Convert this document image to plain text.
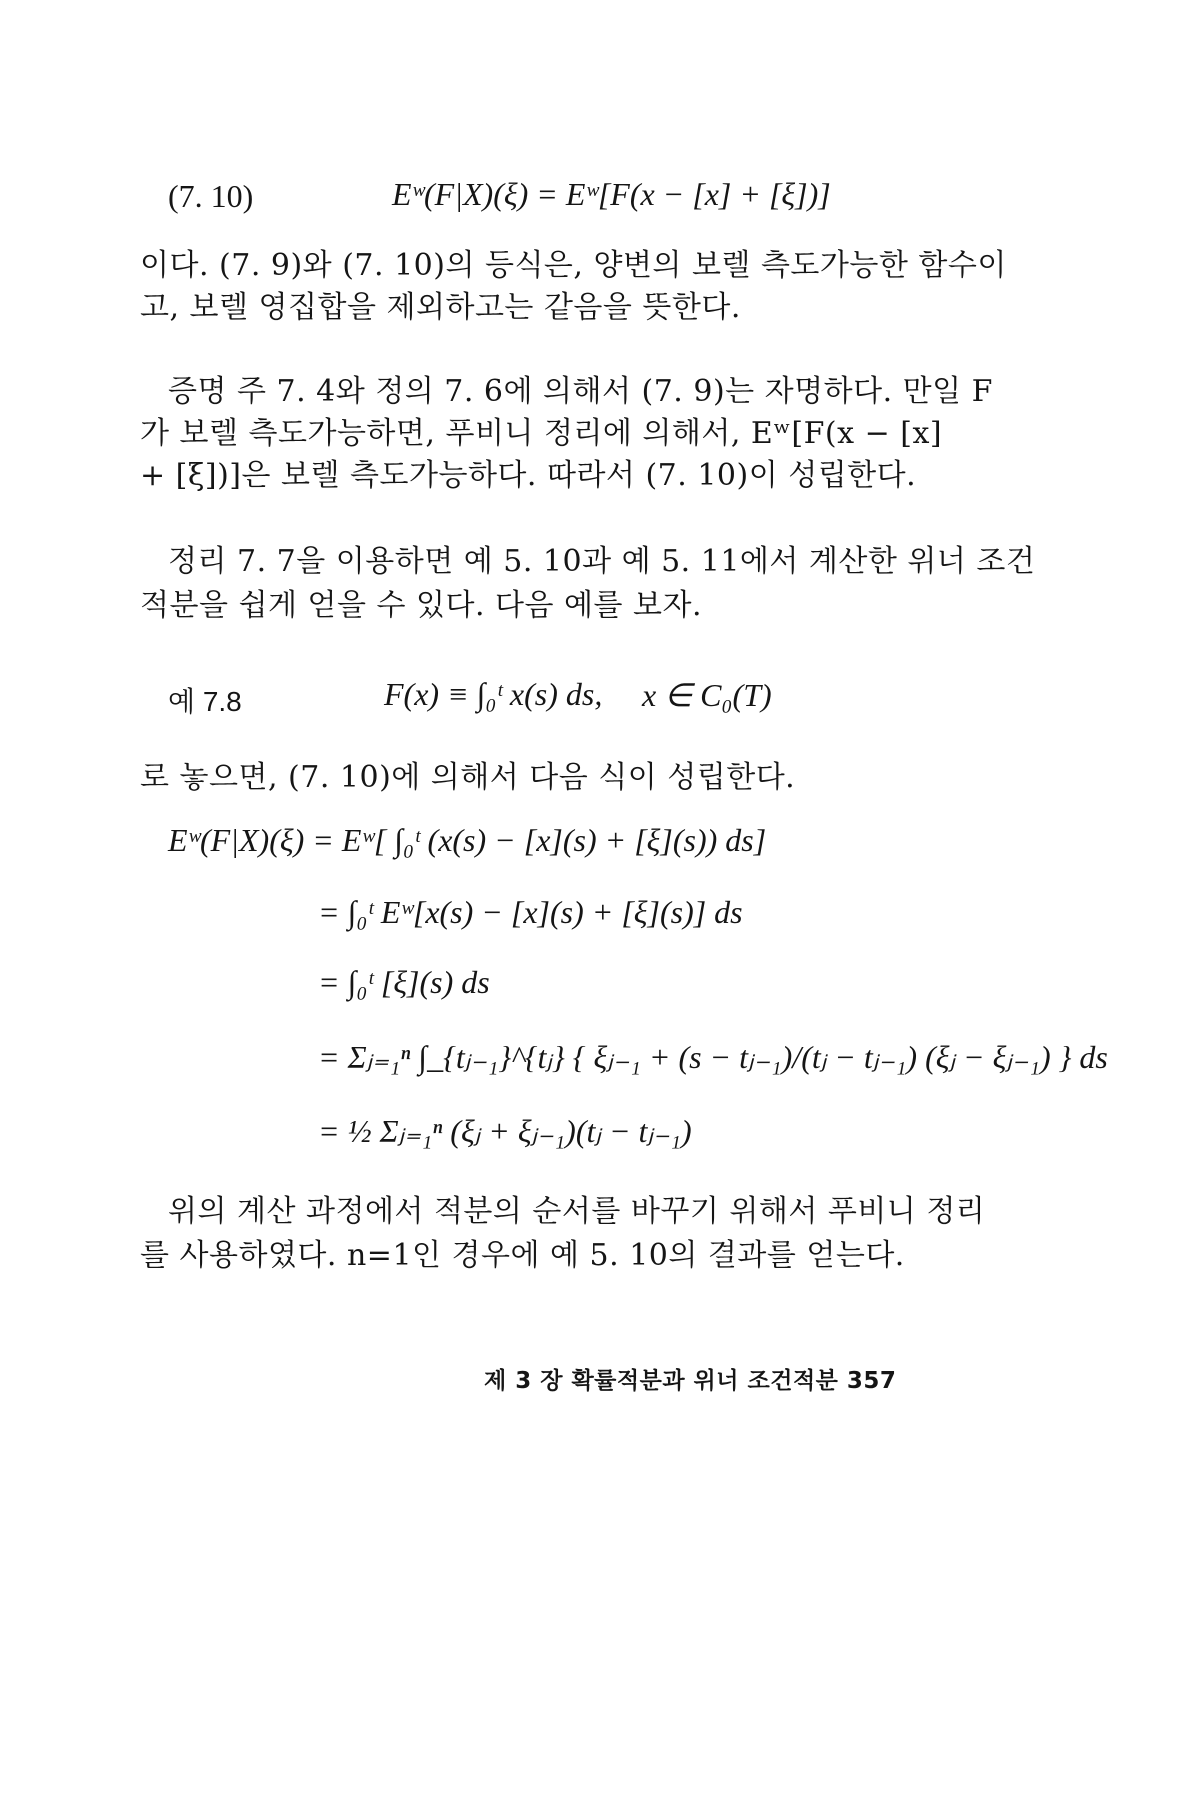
(7. 10)	Eʷ(F|X)(ξ) = Eʷ[F(x − [x] + [ξ])]
이다. (7. 9)와 (7. 10)의 등식은, 양변의 보렐 측도가능한 함수이
고, 보렐 영집합을 제외하고는 같음을 뜻한다.
증명 주 7. 4와 정의 7. 6에 의해서 (7. 9)는 자명하다. 만일 F
가 보렐 측도가능하면, 푸비니 정리에 의해서, Eʷ[F(x − [x]
+ [ξ])]은 보렐 측도가능하다. 따라서 (7. 10)이 성립한다.
정리 7. 7을 이용하면 예 5. 10과 예 5. 11에서 계산한 위너 조건
적분을 쉽게 얻을 수 있다. 다음 예를 보자.
예 7.8	F(x) ≡ ∫₀ᵗ x(s) ds, x ∈ C₀(T)
로 놓으면, (7. 10)에 의해서 다음 식이 성립한다.
Eʷ(F|X)(ξ) = Eʷ[ ∫₀ᵗ (x(s) − [x](s) + [ξ](s)) ds]
= ∫₀ᵗ Eʷ[x(s) − [x](s) + [ξ](s)] ds
= ∫₀ᵗ [ξ](s) ds
= Σⱼ₌₁ⁿ ∫_{tⱼ₋₁}^{tⱼ} { ξⱼ₋₁ + (s − tⱼ₋₁)/(tⱼ − tⱼ₋₁) (ξⱼ − ξⱼ₋₁) } ds
= ½ Σⱼ₌₁ⁿ (ξⱼ + ξⱼ₋₁)(tⱼ − tⱼ₋₁)
위의 계산 과정에서 적분의 순서를 바꾸기 위해서 푸비니 정리
를 사용하였다. n=1인 경우에 예 5. 10의 결과를 얻는다.
제 3 장 확률적분과 위너 조건적분 357
